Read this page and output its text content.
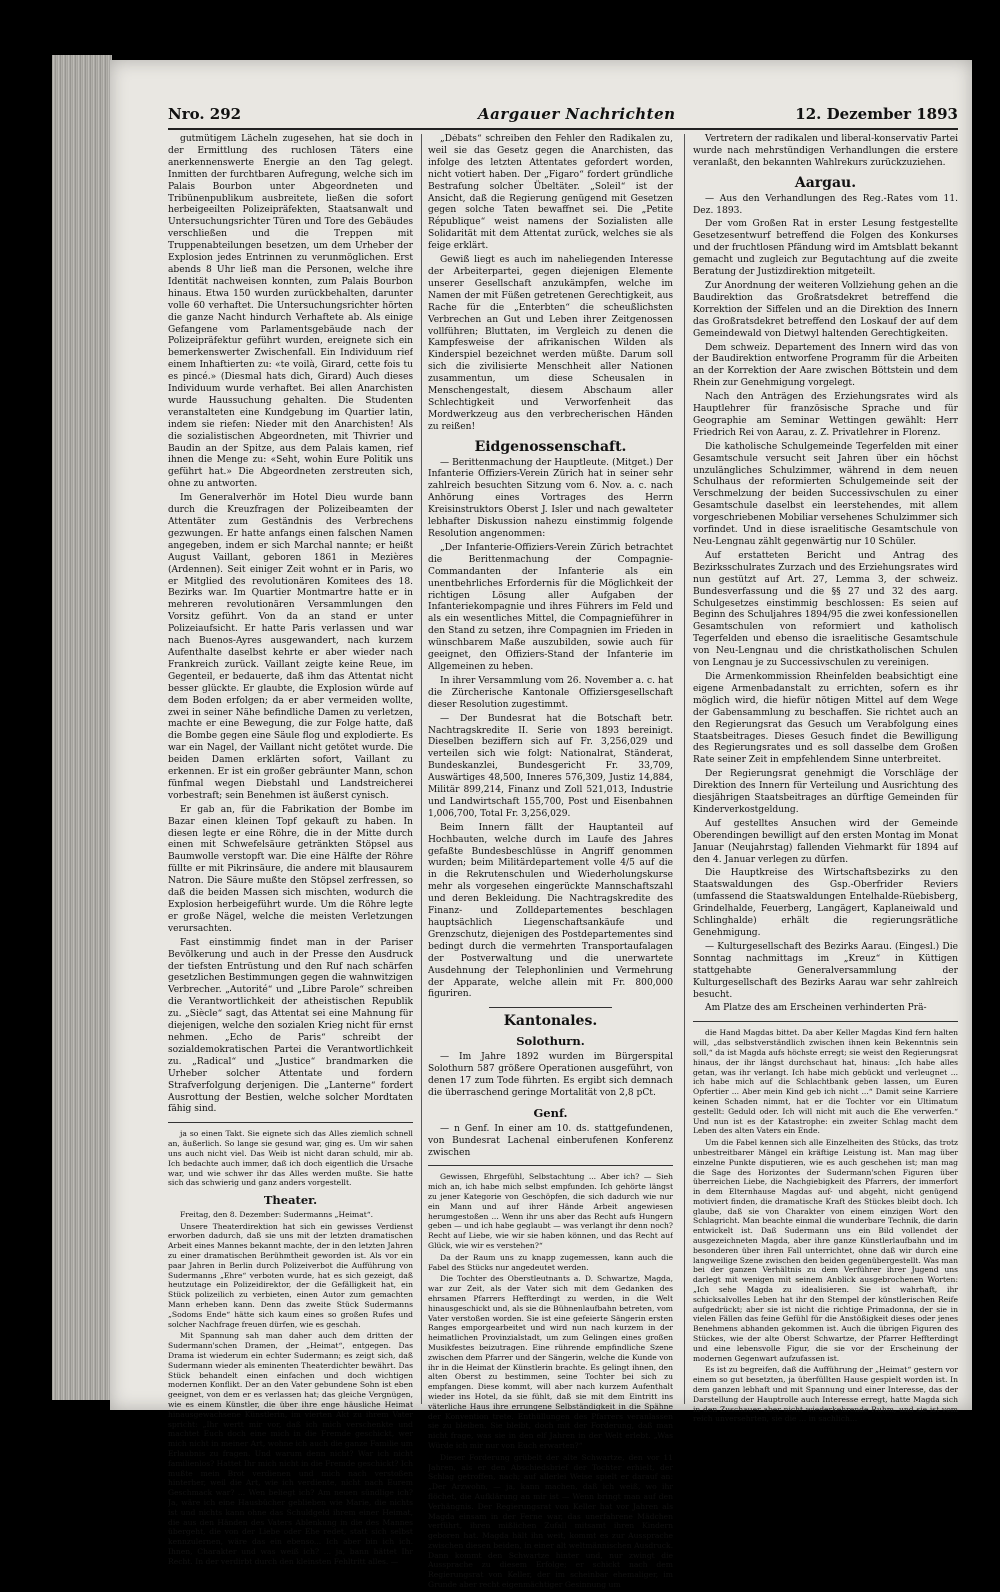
Nro. 292	Aargauer Nachrichten	12. Dezember 1893

gutmütigem Lächeln zugesehen, hat sie doch in der Ermittlung des ruchlosen Täters eine anerkennenswerte Energie an den Tag gelegt. Inmitten der furchtbaren Aufregung, welche sich im Palais Bourbon unter Abgeordneten und Tribünenpublikum ausbreitete, ließen die sofort herbeigeeilten Polizeipräfekten, Staatsanwalt und Untersuchungsrichter Türen und Tore des Gebäudes verschließen und die Treppen mit Truppenabteilungen besetzen, um dem Urheber der Explosion jedes Entrinnen zu verunmöglichen. Erst abends 8 Uhr ließ man die Personen, welche ihre Identität nachweisen konnten, zum Palais Bourbon hinaus. Etwa 150 wurden zurückbehalten, darunter volle 60 verhaftet. Die Untersuchungsrichter hörten die ganze Nacht hindurch Verhaftete ab. Als einige Gefangene vom Parlamentsgebäude nach der Polizeipräfektur geführt wurden, ereignete sich ein bemerkenswerter Zwischenfall. Ein Individuum rief einem Inhaftierten zu: «te voilà, Girard, cette fois tu es pincé.» (Diesmal hats dich, Girard) Auch dieses Individuum wurde verhaftet. Bei allen Anarchisten wurde Haussuchung gehalten. Die Studenten veranstalteten eine Kundgebung im Quartier latin, indem sie riefen: Nieder mit den Anarchisten! Als die sozialistischen Abgeordneten, mit Thivrier und Baudin an der Spitze, aus dem Palais kamen, rief ihnen die Menge zu: «Seht, wohin Eure Politik uns geführt hat.» Die Abgeordneten zerstreuten sich, ohne zu antworten.

Im Generalverhör im Hotel Dieu wurde bann durch die Kreuzfragen der Polizeibeamten der Attentäter zum Geständnis des Verbrechens gezwungen. Er hatte anfangs einen falschen Namen angegeben, indem er sich Marchal nannte; er heißt August Vaillant, geboren 1861 in Mezières (Ardennen). Seit einiger Zeit wohnt er in Paris, wo er Mitglied des revolutionären Komitees des 18. Bezirks war. Im Quartier Montmartre hatte er in mehreren revolutionären Versammlungen den Vorsitz geführt. Von da an stand er unter Polizeiaufsicht. Er hatte Paris verlassen und war nach Buenos-Ayres ausgewandert, nach kurzem Aufenthalte daselbst kehrte er aber wieder nach Frankreich zurück. Vaillant zeigte keine Reue, im Gegenteil, er bedauerte, daß ihm das Attentat nicht besser glückte. Er glaubte, die Explosion würde auf dem Boden erfolgen; da er aber vermeiden wollte, zwei in seiner Nähe befindliche Damen zu verletzen, machte er eine Bewegung, die zur Folge hatte, daß die Bombe gegen eine Säule flog und explodierte. Es war ein Nagel, der Vaillant nicht getötet wurde. Die beiden Damen erklärten sofort, Vaillant zu erkennen. Er ist ein großer gebräunter Mann, schon fünfmal wegen Diebstahl und Landstreicherei vorbestraft; sein Benehmen ist äußerst cynisch.

Er gab an, für die Fabrikation der Bombe im Bazar einen kleinen Topf gekauft zu haben. In diesen legte er eine Röhre, die in der Mitte durch einen mit Schwefelsäure getränkten Stöpsel aus Baumwolle verstopft war. Die eine Hälfte der Röhre füllte er mit Pikrinsäure, die andere mit blausaurem Natron. Die Säure mußte den Stöpsel zerfressen, so daß die beiden Massen sich mischten, wodurch die Explosion herbeigeführt wurde. Um die Röhre legte er große Nägel, welche die meisten Verletzungen verursachten.

Fast einstimmig findet man in der Pariser Bevölkerung und auch in der Presse den Ausdruck der tiefsten Entrüstung und den Ruf nach schärfen gesetzlichen Bestimmungen gegen die wahnwitzigen Verbrecher. „Autorité“ und „Libre Parole“ schreiben die Verantwortlichkeit der atheistischen Republik zu. „Siècle“ sagt, das Attentat sei eine Mahnung für diejenigen, welche den sozialen Krieg nicht für ernst nehmen. „Echo de Paris“ schreibt der sozialdemokratischen Partei die Verantwortlichkeit zu. „Radical“ und „Justice“ brandmarken die Urheber solcher Attentate und fordern Strafverfolgung derjenigen. Die „Lanterne“ fordert Ausrottung der Bestien, welche solcher Mordtaten fähig sind.

ja so einen Takt. Sie eignete sich das Alles ziemlich schnell an, äußerlich. So lange sie gesund war, ging es. Um wir sahen uns auch nicht viel. Das Weib ist nicht daran schuld, mir ab. Ich bedachte auch immer, daß ich doch eigentlich die Ursache war, und wie schwer ihr das Alles werden mußte. Sie hatte sich das schwierig und ganz anders vorgestellt.

Theater.

Freitag, den 8. Dezember: Sudermanns „Heimat“.

Unsere Theaterdirektion hat sich ein gewisses Verdienst erworben dadurch, daß sie uns mit der letzten dramatischen Arbeit eines Mannes bekannt machte, der in den letzten Jahren zu einer dramatischen Berühmtheit geworden ist. Als vor ein paar Jahren in Berlin durch Polizeiverbot die Aufführung von Sudermanns „Ehre“ verboten wurde, hat es sich gezeigt, daß heutzutage ein Polizeidirektor, der die Gefälligkeit hat, ein Stück polizeilich zu verbieten, einen Autor zum gemachten Mann erheben kann. Denn das zweite Stück Sudermanns „Sodoms Ende“ hätte sich kaum eines so großen Rufes und solcher Nachfrage freuen dürfen, wie es geschah.

Mit Spannung sah man daher auch dem dritten der Sudermann'schen Dramen, der „Heimat“, entgegen. Das Drama ist wiederum ein echter Sudermann; es zeigt sich, daß Sudermann wieder als eminenten Theaterdichter bewährt. Das Stück behandelt einen einfachen und doch wichtigen modernen Konflikt. Der an den Vater gebundene Sohn ist eben geeignet, von dem er es verlassen hat; das gleiche Vergnügen, wie es einem Künstler, die über ihre enge häusliche Heimat hinausgewachsene Künstlerin, im vierten Akt zu ihrem Vater spricht: „Ihr wertt mir vor, daß ich mich verschenkte und machtet Euch doch eine mich in die Fremde geschickt, wer mich nicht in meiner Art, wohne ich auch die ganze Familie um Erlaubnis zu fragen. Und warum denn nicht? War ich nicht familienlos? Hattet Ihr mich nicht in die Fremde geschickt? Ich mußte mein Brot verdienen und mich nach verstoßen hinterher, weil die Art, wie ich verdiente, nicht nach Eurem Geschmack war? ... Wen beliegt ich? Am neuen sündlige ich? Ja, wäre ich eine Hausbücher geblieben wie Marie, die nichts ist und nichts kann ohne das Schuldgeld ihrem einer Heimat, die aus den Händen des Vaters Ablenkung in die des Mannes übergeht, die von der Liebe oder Ehe redet, statt sich selbst kennzulernen, wäre das ein ebenso... Ich aber bin ich ich. Ihnen, Charakter und was weiß ich? ... ja, bann hättet Ihr Recht. In der verdirbt durch den kleinsten Fehltritt alles. —

„Débats“ schreiben den Fehler den Radikalen zu, weil sie das Gesetz gegen die Anarchisten, das infolge des letzten Attentates gefordert worden, nicht votiert haben. Der „Figaro“ fordert gründliche Bestrafung solcher Übeltäter. „Soleil“ ist der Ansicht, daß die Regierung genügend mit Gesetzen gegen solche Taten bewaffnet sei. Die „Petite République“ weist namens der Sozialisten alle Solidarität mit dem Attentat zurück, welches sie als feige erklärt.

Gewiß liegt es auch im naheliegenden Interesse der Arbeiterpartei, gegen diejenigen Elemente unserer Gesellschaft anzukämpfen, welche im Namen der mit Füßen getretenen Gerechtigkeit, aus Rache für die „Enterbten“ die scheußlichsten Verbrechen an Gut und Leben ihrer Zeitgenossen vollführen; Bluttaten, im Vergleich zu denen die Kampfesweise der afrikanischen Wilden als Kinderspiel bezeichnet werden müßte. Darum soll sich die zivilisierte Menschheit aller Nationen zusammentun, um diese Scheusalen in Menschengestalt, diesem Abschaum aller Schlechtigkeit und Verworfenheit das Mordwerkzeug aus den verbrecherischen Händen zu reißen!

Eidgenossenschaft.

— Berittenmachung der Hauptleute. (Mitget.) Der Infanterie Offiziers-Verein Zürich hat in seiner sehr zahlreich besuchten Sitzung vom 6. Nov. a. c. nach Anhörung eines Vortrages des Herrn Kreisinstruktors Oberst J. Isler und nach gewalteter lebhafter Diskussion nahezu einstimmig folgende Resolution angenommen:

„Der Infanterie-Offiziers-Verein Zürich betrachtet die Berittenmachung der Compagnie-Commandanten der Infanterie als ein unentbehrliches Erfordernis für die Möglichkeit der richtigen Lösung aller Aufgaben der Infanteriekompagnie und ihres Führers im Feld und als ein wesentliches Mittel, die Compagnieführer in den Stand zu setzen, ihre Compagnien im Frieden in wünschbarem Maße auszubilden, sowie auch für geeignet, den Offiziers-Stand der Infanterie im Allgemeinen zu heben.

In ihrer Versammlung vom 26. November a. c. hat die Zürcherische Kantonale Offiziersgesellschaft dieser Resolution zugestimmt.

— Der Bundesrat hat die Botschaft betr. Nachtragskredite II. Serie von 1893 bereinigt. Dieselben beziffern sich auf Fr. 3,256,029 und verteilen sich wie folgt: Nationalrat, Ständerat, Bundeskanzlei, Bundesgericht Fr. 33,709, Auswärtiges 48,500, Inneres 576,309, Justiz 14,884, Militär 899,214, Finanz und Zoll 521,013, Industrie und Landwirtschaft 155,700, Post und Eisenbahnen 1,006,700, Total Fr. 3,256,029.

Beim Innern fällt der Hauptanteil auf Hochbauten, welche durch im Laufe des Jahres gefaßte Bundesbeschlüsse in Angriff genommen wurden; beim Militärdepartement volle 4/5 auf die in die Rekrutenschulen und Wiederholungskurse mehr als vorgesehen eingerückte Mannschaftszahl und deren Bekleidung. Die Nachtragskredite des Finanz- und Zolldepartementes beschlagen hauptsächlich Liegenschaftsankäufe und Grenzschutz, diejenigen des Postdepartementes sind bedingt durch die vermehrten Transportaufalagen der Postverwaltung und die unerwartete Ausdehnung der Telephonlinien und Vermehrung der Apparate, welche allein mit Fr. 800,000 figuriren.

Kantonales.
Solothurn.

— Im Jahre 1892 wurden im Bürgerspital Solothurn 587 größere Operationen ausgeführt, von denen 17 zum Tode führten. Es ergibt sich demnach die überraschend geringe Mortalität von 2,8 pCt.

Genf.

— n Genf. In einer am 10. ds. stattgefundenen, von Bundesrat Lachenal einberufenen Konferenz zwischen

Gewissen, Ehrgefühl, Selbstachtung ... Aber ich? — Sieh mich an, ich habe mich selbst empfunden. Ich gehörte längst zu jener Kategorie von Geschöpfen, die sich dadurch wie nur ein Mann und auf ihrer Hände Arbeit angewiesen herumgestoßen ... Wenn ihr uns aber das Recht aufs Hungern geben — und ich habe geglaubt — was verlangt ihr denn noch? Recht auf Liebe, wie wir sie haben können, und das Recht auf Glück, wie wir es verstehen?“

Da der Raum uns zu knapp zugemessen, kann auch die Fabel des Stücks nur angedeutet werden.

Die Tochter des Oberstleutnants a. D. Schwartze, Magda, war zur Zeit, als der Vater sich mit dem Gedanken des ehrsamen Pfarrers Heffterdingt zu werden, in die Welt hinausgeschickt und, als sie die Bühnenlaufbahn betreten, vom Vater verstoßen worden. Sie ist eine gefeierte Sängerin ersten Ranges emporgearbeitet und wird nun nach kurzem in der heimatlichen Provinzialstadt, um zum Gelingen eines großen Musikfestes beizutragen. Eine rührende empfindliche Szene zwischen dem Pfarrer und der Sängerin, welche die Kunde von ihr in die Heimat der Künstlerin brachte. Es gelingt ihnen, den alten Oberst zu bestimmen, seine Tochter bei sich zu empfangen. Diese kommt, will aber nach kurzem Aufenthalt wieder ins Hotel, da sie fühlt, daß sie mit dem Eintritt ins väterliche Haus ihre errungene Selbständigkeit in die Spähne der Konvention trete. Enthüllungen des Pfarrers veranlassen sie zu bleiben. Sie bleibt, doch mit der Forderung, daß man nicht frage, was sie in den elf Jahren in der Welt erlebt. „Was Würde ich mir nur von Euch erwarten?“

Dieser Forderung grübelt der alte Schwartze, den vor 11 Jahren, als er den Abschiedsbrief der Tochter erhielt, der Schlag getroffen, nach; auf allerlei Weise spielt er darauf an: „Der Arzwohn, — ja, kann machen, daß ich weiß, wo ihr flöchet, die Aufklärung an mir ist — Wenn bringt man auf den Verhängnis. Der Regierungsrat von Keller hat vor Jahren als Magda einsam in der Ferne war, das unerfahrene Mädchen verführt, ihren mißlichen Zufall mitsamt ihren Kindern geboren hat. Magda hält ihn weit, kommt es zur Aussprache zwischen diesen beiden, in einer alt weltmännischen Ausdruck. Dann kommt den Schwartze hinter und, nur zwingt die Aussprache zu diesem Erfolge; er schickt nach dem Regierungsrat von Keller, der im scheinbar ehemaliger, im Grunde aber recht eigenmächtiger Gesinnung um

Vertretern der radikalen und liberal-konservativ Partei wurde nach mehrstündigen Verhandlungen die erstere veranlaßt, den bekannten Wahlrekurs zurückzuziehen.

Aargau.

— Aus den Verhandlungen des Reg.-Rates vom 11. Dez. 1893.

Der vom Großen Rat in erster Lesung festgestellte Gesetzesentwurf betreffend die Folgen des Konkurses und der fruchtlosen Pfändung wird im Amtsblatt bekannt gemacht und zugleich zur Begutachtung auf die zweite Beratung der Justizdirektion mitgeteilt.

Zur Anordnung der weiteren Vollziehung gehen an die Baudirektion das Großratsdekret betreffend die Korrektion der Siffelen und an die Direktion des Innern das Großratsdekret betreffend den Loskauf der auf dem Gemeindewald von Dietwyl haltenden Gerechtigkeiten.

Dem schweiz. Departement des Innern wird das von der Baudirektion entworfene Programm für die Arbeiten an der Korrektion der Aare zwischen Böttstein und dem Rhein zur Genehmigung vorgelegt.

Nach den Anträgen des Erziehungsrates wird als Hauptlehrer für französische Sprache und für Geographie am Seminar Wettingen gewählt: Herr Friedrich Rei von Aarau, z. Z. Privatlehrer in Florenz.

Die katholische Schulgemeinde Tegerfelden mit einer Gesamtschule versucht seit Jahren über ein höchst unzulängliches Schulzimmer, während in dem neuen Schulhaus der reformierten Schulgemeinde seit der Verschmelzung der beiden Successivschulen zu einer Gesamtschule daselbst ein leerstehendes, mit allem vorgeschriebenen Mobiliar versehenes Schulzimmer sich vorfindet. Und in diese israelitische Gesamtschule von Neu-Lengnau zählt gegenwärtig nur 10 Schüler.

Auf erstatteten Bericht und Antrag des Bezirksschulrates Zurzach und des Erziehungsrates wird nun gestützt auf Art. 27, Lemma 3, der schweiz. Bundesverfassung und die §§ 27 und 32 des aarg. Schulgesetzes einstimmig beschlossen: Es seien auf Beginn des Schuljahres 1894/95 die zwei konfessionellen Gesamtschulen von reformiert und katholisch Tegerfelden und ebenso die israelitische Gesamtschule von Neu-Lengnau und die christkatholischen Schulen von Lengnau je zu Successivschulen zu vereinigen.

Die Armenkommission Rheinfelden beabsichtigt eine eigene Armenbadanstalt zu errichten, sofern es ihr möglich wird, die hiefür nötigen Mittel auf dem Wege der Gabensammlung zu beschaffen. Sie richtet auch an den Regierungsrat das Gesuch um Verabfolgung eines Staatsbeitrages. Dieses Gesuch findet die Bewilligung des Regierungsrates und es soll dasselbe dem Großen Rate seiner Zeit in empfehlendem Sinne unterbreitet.

Der Regierungsrat genehmigt die Vorschläge der Direktion des Innern für Verteilung und Ausrichtung des diesjährigen Staatsbeitrages an dürftige Gemeinden für Kinderverkostgeldung.

Auf gestelltes Ansuchen wird der Gemeinde Oberendingen bewilligt auf den ersten Montag im Monat Januar (Neujahrstag) fallenden Viehmarkt für 1894 auf den 4. Januar verlegen zu dürfen.

Die Hauptkreise des Wirtschaftsbezirks zu den Staatswaldungen des Gsp.-Oberfrider Reviers (umfassend die Staatswaldungen Entelhalde-Rüebisberg, Grindelhalde, Feuerberg, Langägert, Kaplaneiwald und Schlinghalde) erhält die regierungsrätliche Genehmigung.

— Kulturgesellschaft des Bezirks Aarau. (Eingesl.) Die Sonntag nachmittags im „Kreuz“ in Küttigen stattgehabte Generalversammlung der Kulturgesellschaft des Bezirks Aarau war sehr zahlreich besucht.

Am Platze des am Erscheinen verhinderten Prä-

die Hand Magdas bittet. Da aber Keller Magdas Kind fern halten will, „das selbstverständlich zwischen ihnen kein Bekenntnis sein soll,“ da ist Magda aufs höchste erregt; sie weist den Regierungsrat hinaus, der ihr längst durchschaut hat, hinaus: „Ich habe alles getan, was ihr verlangt. Ich habe mich gebückt und verleugnet ... ich habe mich auf die Schlachtbank geben lassen, um Euren Opfertier ... Aber mein Kind geb ich nicht ...“ Damit seine Karriere keinen Schaden nimmt, hat er die Tochter vor ein Ultimatum gestellt: Geduld oder. Ich will nicht mit auch die Ehe verwerfen.“ Und nun ist es der Katastrophe: ein zweiter Schlag macht dem Leben des alten Vaters ein Ende.

Um die Fabel kennen sich alle Einzelheiten des Stücks, das trotz unbestreitbarer Mängel ein kräftige Leistung ist. Man mag über einzelne Punkte disputieren, wie es auch geschehen ist; man mag die Sage des Horizontes der Sudermann'schen Figuren über überreichen Liebe, die Nachgiebigkeit des Pfarrers, der immerfort in dem Elternhause Magdas auf- und abgeht, nicht genügend motiviert finden, die dramatische Kraft des Stückes bleibt doch. Ich glaube, daß sie von Charakter von einem einzigen Wort den Schlagricht. Man beachte einmal die wunderbare Technik, die darin entwickelt ist. Daß Sudermann uns ein Bild vollendet der ausgezeichneten Magda, aber ihre ganze Künstlerlaufbahn und im besonderen über ihren Fall unterrichtet, ohne daß wir durch eine langweilige Szene zwischen den beiden gegenübergestellt. Was man bei der ganzen Verhältnis zu dem Verführer ihrer Jugend uns darlegt mit wenigen mit seinem Anblick ausgebrochenen Worten: „Ich sehe Magda zu idealisieren. Sie ist wahrhaft, ihr schicksalvolles Leben hat ihr den Stempel der künstlerischen Reife aufgedrückt; aber sie ist nicht die richtige Primadonna, der sie in vielen Fällen das feine Gefühl für die Anstößigkeit dieses oder jenes Benehmens abhanden gekommen ist. Auch die übrigen Figuren des Stückes, wie der alte Oberst Schwartze, der Pfarrer Heffterdingt und eine lebensvolle Figur, die sie vor der Erscheinung der modernen Gegenwart aufzufassen ist.

Es ist zu begreifen, daß die Aufführung der „Heimat“ gestern vor einem so gut besetzten, ja überfüllten Hause gespielt worden ist. In dem ganzen lebhaft und mit Spannung und einer Interesse, das der Darstellung der Hauptrolle auch Interesse erregt, hatte Magda sich in den Zuschauer aber nicht wiederkehrende Ruhm, und sie ist vom reich unversehrten, sie die ... in sachlich...
